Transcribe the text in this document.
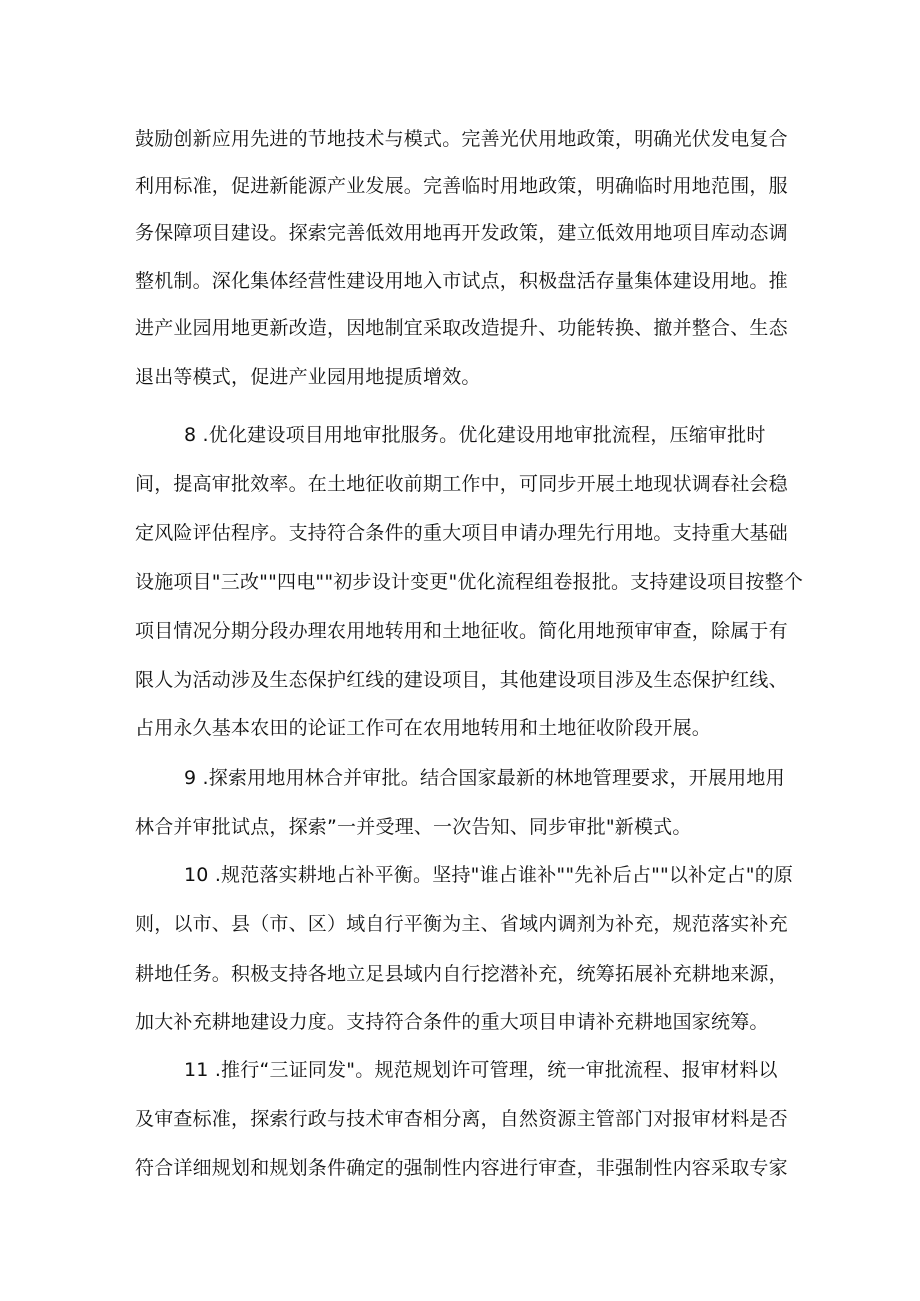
鼓励创新应用先进的节地技术与模式。完善光伏用地政策，明确光伏发电复合
利用标准，促进新能源产业发展。完善临时用地政策，明确临时用地范围，服
务保障项目建设。探索完善低效用地再开发政策，建立低效用地项目库动态调
整机制。深化集体经营性建设用地入市试点，积极盘活存量集体建设用地。推
进产业园用地更新改造，因地制宜采取改造提升、功能转换、撤并整合、生态
退出等模式，促进产业园用地提质增效。
8 .优化建设项目用地审批服务。优化建设用地审批流程，压缩审批时
间，提高审批效率。在土地征收前期工作中，可同步开展土地现状调春社会稳
定风险评估程序。支持符合条件的重大项目申请办理先行用地。支持重大基础
设施项目"三改""四电""初步设计变更"优化流程组卷报批。支持建设项目按整个
项目情况分期分段办理农用地转用和土地征收。简化用地预审审查，除属于有
限人为活动涉及生态保护红线的建设项目，其他建设项目涉及生态保护红线、
占用永久基本农田的论证工作可在农用地转用和土地征收阶段开展。
9 .探索用地用林合并审批。结合国家最新的林地管理要求，开展用地用
林合并审批试点，探索”一并受理、一次告知、同步审批"新模式。
10 .规范落实耕地占补平衡。坚持"谁占谁补""先补后占""以补定占"的原
则，以市、县（市、区）域自行平衡为主、省域内调剂为补充，规范落实补充
耕地任务。积极支持各地立足县域内自行挖潜补充，统筹拓展补充耕地来源，
加大补充耕地建设力度。支持符合条件的重大项目申请补充耕地国家统筹。
11 .推行“三证同发"。规范规划许可管理，统一审批流程、报审材料以
及审查标准，探索行政与技术审杳相分离，自然资源主管部门对报审材料是否
符合详细规划和规划条件确定的强制性内容进行审查，非强制性内容采取专家
